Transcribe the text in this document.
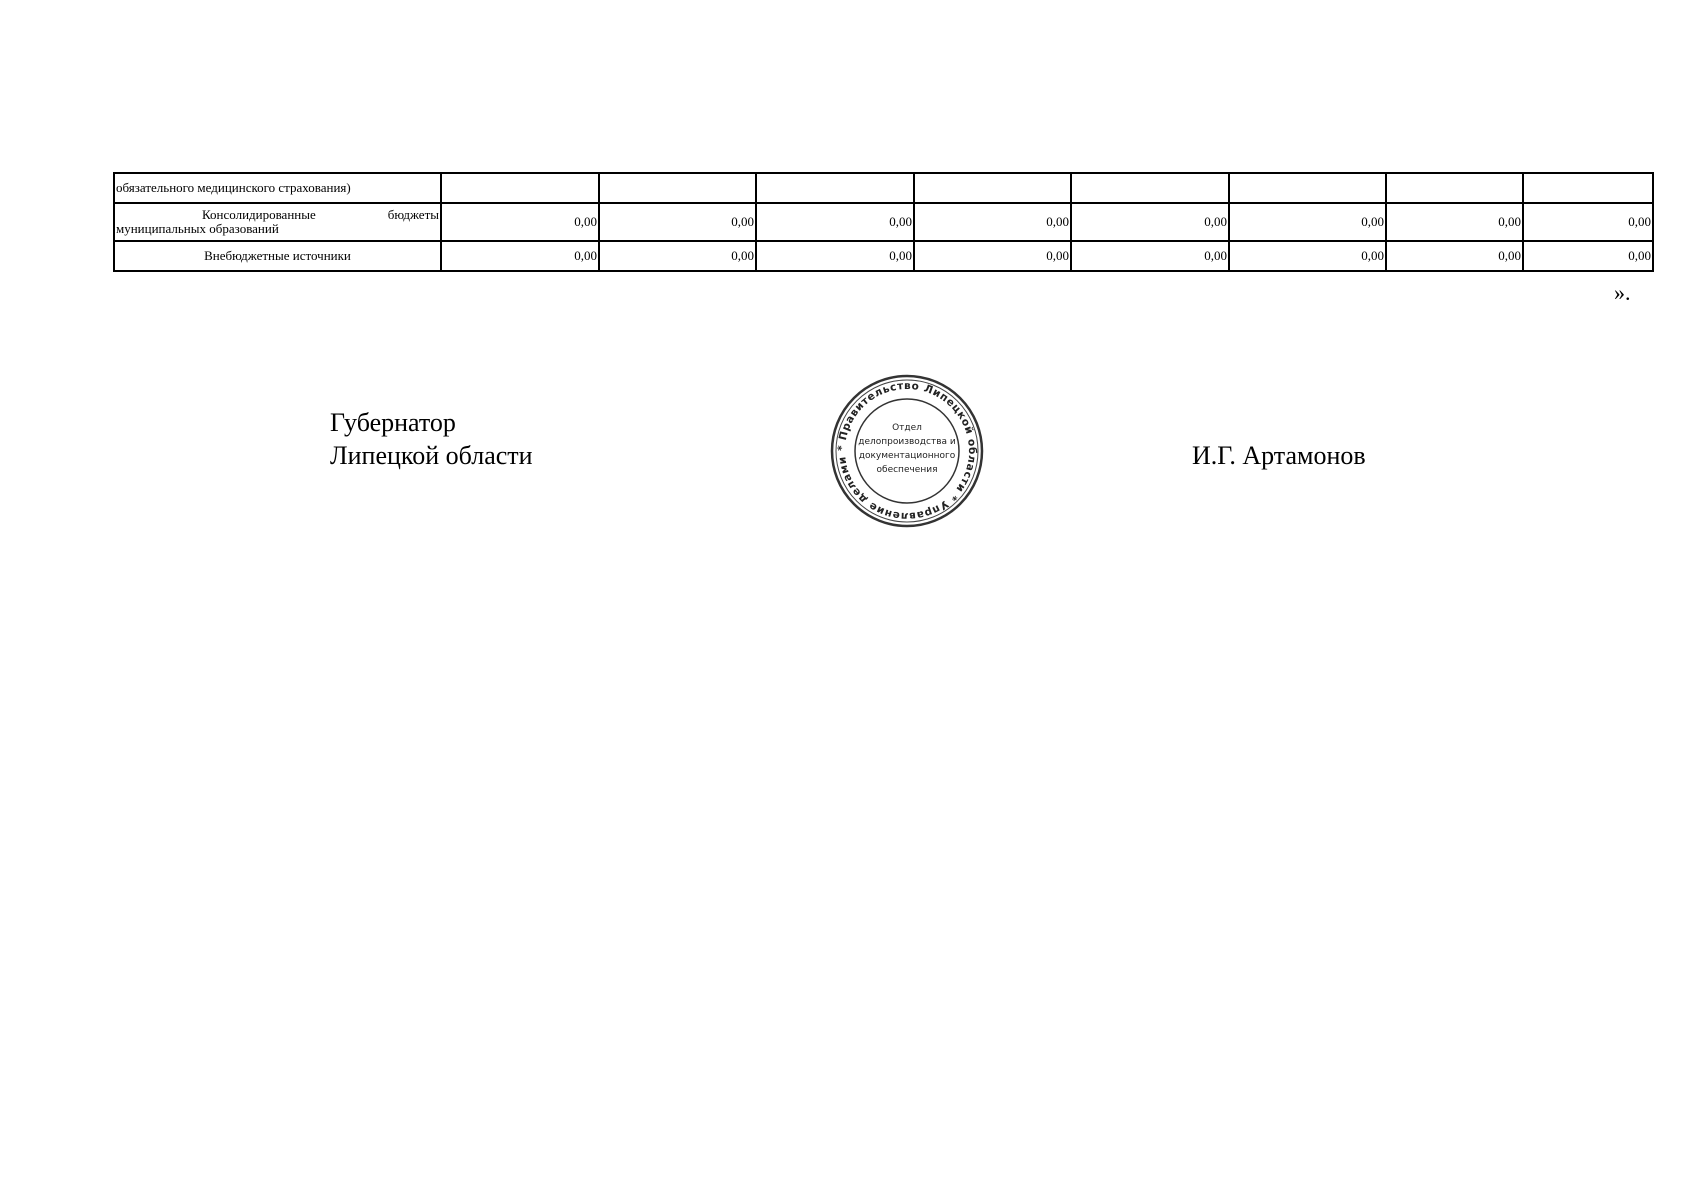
обязательного медицинского страхования)								

Консолидированные бюджеты
муниципальных образований	0,00	0,00	0,00	0,00	0,00	0,00	0,00	0,00
Внебюджетные источники	0,00	0,00	0,00	0,00	0,00	0,00	0,00	0,00
».
Губернатор
Липецкой области	И.Г. Артамонов
* Правительство Липецкой области * Управление делами
Отдел
делопроизводства и
документационного
обеспечения
